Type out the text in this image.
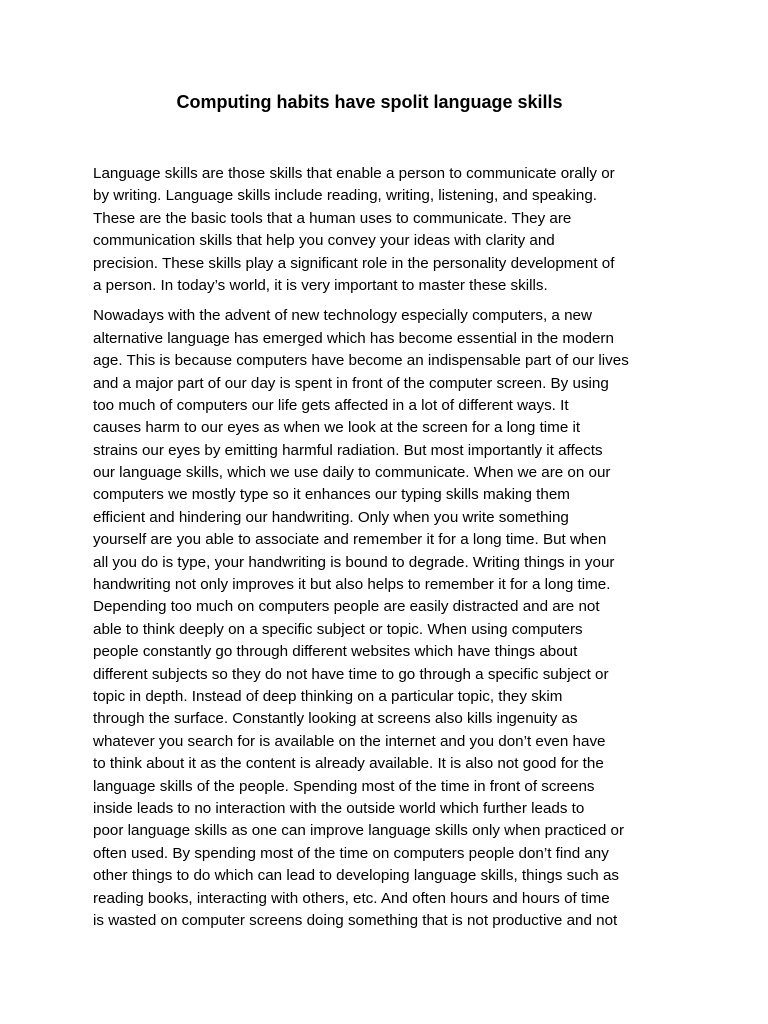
Computing habits have spolit language skills
Language skills are those skills that enable a person to communicate orally or
by writing. Language skills include reading, writing, listening, and speaking.
These are the basic tools that a human uses to communicate. They are
communication skills that help you convey your ideas with clarity and
precision. These skills play a significant role in the personality development of
a person. In today’s world, it is very important to master these skills.
Nowadays with the advent of new technology especially computers, a new
alternative language has emerged which has become essential in the modern
age. This is because computers have become an indispensable part of our lives
and a major part of our day is spent in front of the computer screen. By using
too much of computers our life gets affected in a lot of different ways. It
causes harm to our eyes as when we look at the screen for a long time it
strains our eyes by emitting harmful radiation. But most importantly it affects
our language skills, which we use daily to communicate. When we are on our
computers we mostly type so it enhances our typing skills making them
efficient and hindering our handwriting. Only when you write something
yourself are you able to associate and remember it for a long time. But when
all you do is type, your handwriting is bound to degrade. Writing things in your
handwriting not only improves it but also helps to remember it for a long time.
Depending too much on computers people are easily distracted and are not
able to think deeply on a specific subject or topic. When using computers
people constantly go through different websites which have things about
different subjects so they do not have time to go through a specific subject or
topic in depth. Instead of deep thinking on a particular topic, they skim
through the surface. Constantly looking at screens also kills ingenuity as
whatever you search for is available on the internet and you don’t even have
to think about it as the content is already available. It is also not good for the
language skills of the people. Spending most of the time in front of screens
inside leads to no interaction with the outside world which further leads to
poor language skills as one can improve language skills only when practiced or
often used. By spending most of the time on computers people don’t find any
other things to do which can lead to developing language skills, things such as
reading books, interacting with others, etc. And often hours and hours of time
is wasted on computer screens doing something that is not productive and not
